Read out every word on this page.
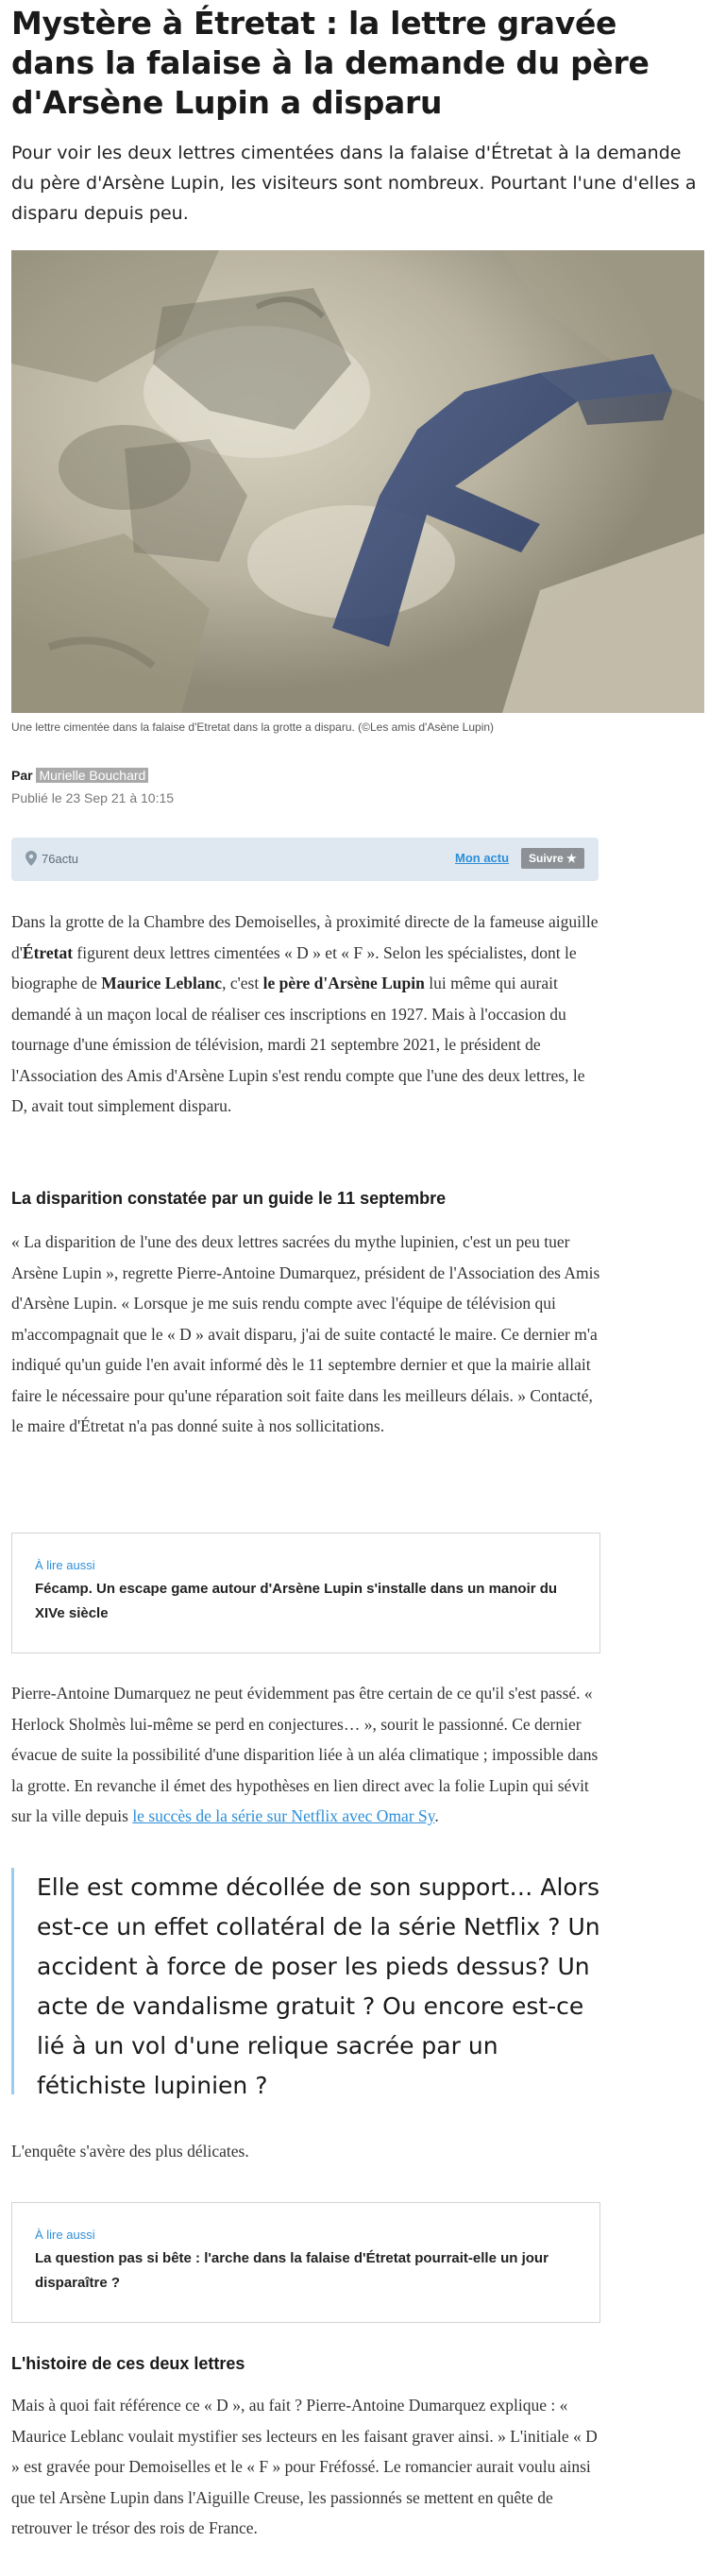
Mystère à Étretat : la lettre gravée dans la falaise à la demande du père d'Arsène Lupin a disparu

Pour voir les deux lettres cimentées dans la falaise d'Étretat à la demande du père d'Arsène Lupin, les visiteurs sont nombreux. Pourtant l'une d'elles a disparu depuis peu.

Une lettre cimentée dans la falaise d'Etretat dans la grotte a disparu. (©Les amis d'Asène Lupin)
Par Murielle Bouchard
Publié le 23 Sep 21 à 10:15
76actu	Mon actu	Suivre ★

Dans la grotte de la Chambre des Demoiselles, à proximité directe de la fameuse aiguille d'Étretat figurent deux lettres cimentées « D » et « F ». Selon les spécialistes, dont le biographe de Maurice Leblanc, c'est le père d'Arsène Lupin lui même qui aurait demandé à un maçon local de réaliser ces inscriptions en 1927. Mais à l'occasion du tournage d'une émission de télévision, mardi 21 septembre 2021, le président de l'Association des Amis d'Arsène Lupin s'est rendu compte que l'une des deux lettres, le D, avait tout simplement disparu.

La disparition constatée par un guide le 11 septembre

« La disparition de l'une des deux lettres sacrées du mythe lupinien, c'est un peu tuer Arsène Lupin », regrette Pierre-Antoine Dumarquez, président de l'Association des Amis d'Arsène Lupin. « Lorsque je me suis rendu compte avec l'équipe de télévision qui m'accompagnait que le « D » avait disparu, j'ai de suite contacté le maire. Ce dernier m'a indiqué qu'un guide l'en avait informé dès le 11 septembre dernier et que la mairie allait faire le nécessaire pour qu'une réparation soit faite dans les meilleurs délais. » Contacté, le maire d'Étretat n'a pas donné suite à nos sollicitations.

À lire aussi
Fécamp. Un escape game autour d'Arsène Lupin s'installe dans un manoir du XIVe siècle

Pierre-Antoine Dumarquez ne peut évidemment pas être certain de ce qu'il s'est passé. « Herlock Sholmès lui-même se perd en conjectures… », sourit le passionné. Ce dernier évacue de suite la possibilité d'une disparition liée à un aléa climatique ; impossible dans la grotte. En revanche il émet des hypothèses en lien direct avec la folie Lupin qui sévit sur la ville depuis le succès de la série sur Netflix avec Omar Sy.

Elle est comme décollée de son support… Alors est-ce un effet collatéral de la série Netflix ? Un accident à force de poser les pieds dessus? Un acte de vandalisme gratuit ? Ou encore est-ce lié à un vol d'une relique sacrée par un fétichiste lupinien ?

L'enquête s'avère des plus délicates.

À lire aussi
La question pas si bête : l'arche dans la falaise d'Étretat pourrait-elle un jour disparaître ?
L'histoire de ces deux lettres

Mais à quoi fait référence ce « D », au fait ? Pierre-Antoine Dumarquez explique : « Maurice Leblanc voulait mystifier ses lecteurs en les faisant graver ainsi. » L'initiale « D » est gravée pour Demoiselles et le « F » pour Fréfossé. Le romancier aurait voulu ainsi que tel Arsène Lupin dans l'Aiguille Creuse, les passionnés se mettent en quête de retrouver le trésor des rois de France.
